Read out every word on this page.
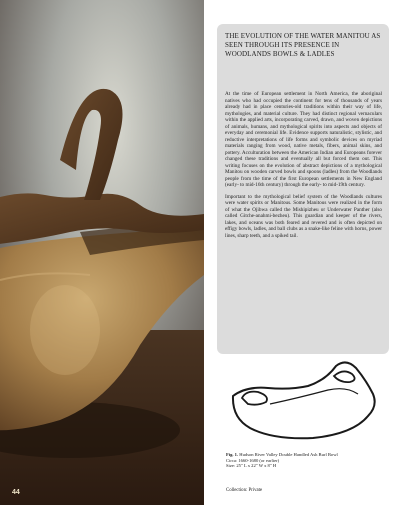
44
THE EVOLUTION OF THE WATER MANITOU AS SEEN THROUGH ITS PRESENCE IN WOODLANDS BOWLS & LADLES

At the time of European settlement in North America, the aboriginal natives who had occupied the continent for tens of thousands of years already had in place centuries-old traditions within their way of life, mythologies, and material culture. They had distinct regional vernaculars within the applied arts, incorporating carved, drawn, and woven depictions of animals, humans, and mythological spirits into aspects and objects of everyday and ceremonial life. Evidence supports naturalistic, stylistic, and reductive interpretations of life forms and symbolic devices on myriad materials ranging from wood, native metals, fibers, animal skins, and pottery. Acculturation between the American Indian and Europeans forever changed these traditions and eventually all but forced them out. This writing focuses on the evolution of abstract depictions of a mythological Manitou on wooden carved bowls and spoons (ladles) from the Woodlands people from the time of the first European settlements in New England (early- to mid-16th century) through the early- to mid-19th century.

Important to the mythological belief system of the Woodlands cultures were water spirits or Manitous. Some Manitous were realized in the form of what the Ojibwa called the Mishipizheu or Underwater Panther (also called Gitche-anahmi-bezheu). This guardian and keeper of the rivers, lakes, and oceans was both feared and revered and is often depicted on effigy bowls, ladles, and ball clubs as a snake-like feline with horns, power lines, sharp teeth, and a spiked tail.

Fig. 1. Hudson River Valley Double Handled Ash Burl Bowl
Circa: 1660-1680 (or earlier)
Size: 25" L x 22" W x 8" H
Collection: Private
